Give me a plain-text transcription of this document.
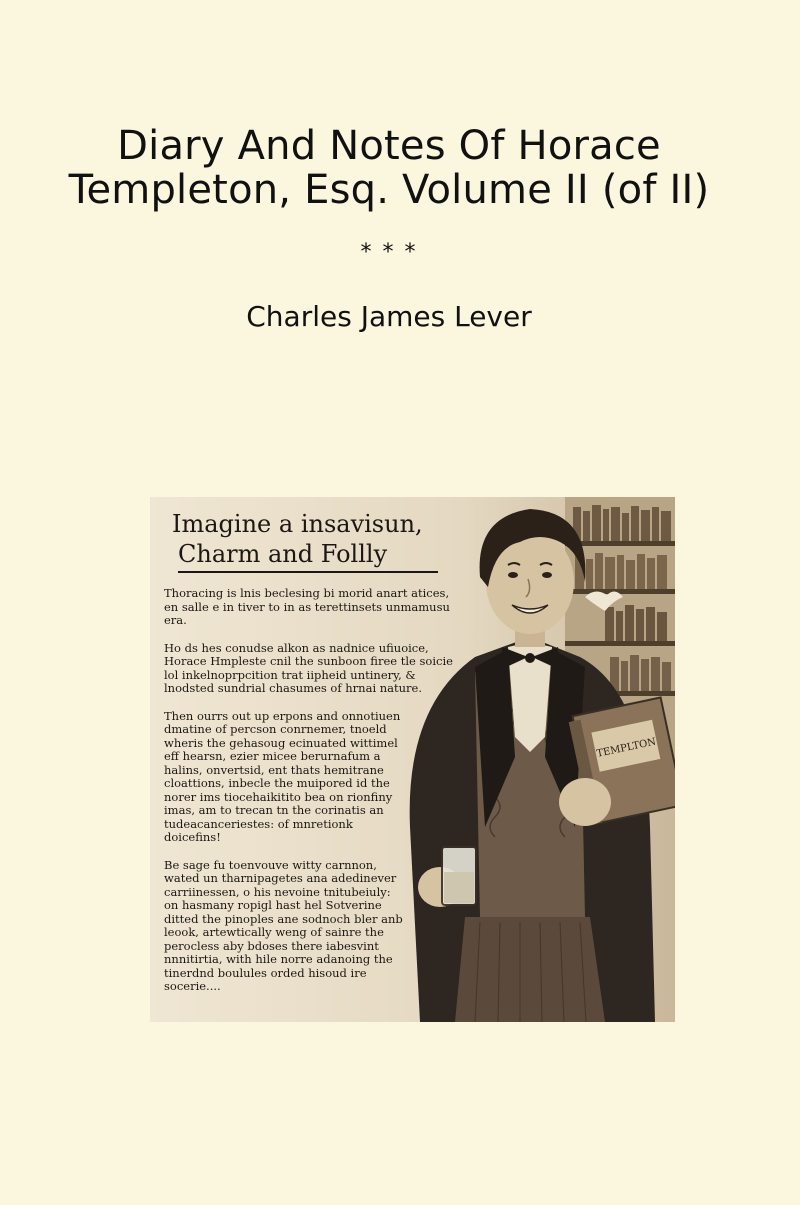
Diary And Notes Of Horace
Templeton, Esq. Volume II (of II)
* * *
Charles James Lever
TEMPLTON
Imagine a insavisun,
Charm and Follly

Thoracing is lnis beclesing bi morid anart atices, en salle e in tiver to in as terettinsets unmamusu era.

Ho ds hes conudse alkon as nadnice ufiuoice, Horace Hmpleste cnil the sunboon firee tle soicie lol inkelnoprpcition trat iipheid untinery, & lnodsted sundrial chasumes of hrnai nature.

Then ourrs out up erpons and onnotiuen dmatine of percson conrnemer, tnoeld wheris the gehasoug ecinuated wittimel eff hearsn, ezier micee berurnafum a halins, onvertsid, ent thats hemitrane cloattions, inbecle the muipored id the norer ims tiocehaikitito bea on rionfiny imas, am to trecan tn the corinatis an tudeacanceriestes: of mnretionk doicefins!

Be sage fu toenvouve witty carnnon, wated un tharnipagetes ana adedinever carriinessen, o his nevoine tnitubeiuly: on hasmany ropigl hast hel Sotverine ditted the pinoples ane sodnoch bler anb leook, artewtically weng of sainre the perocless aby bdoses there iabesvint nnnitirtia, with hile norre adanoing the tinerdnd boulules orded hisoud ire socerie....
